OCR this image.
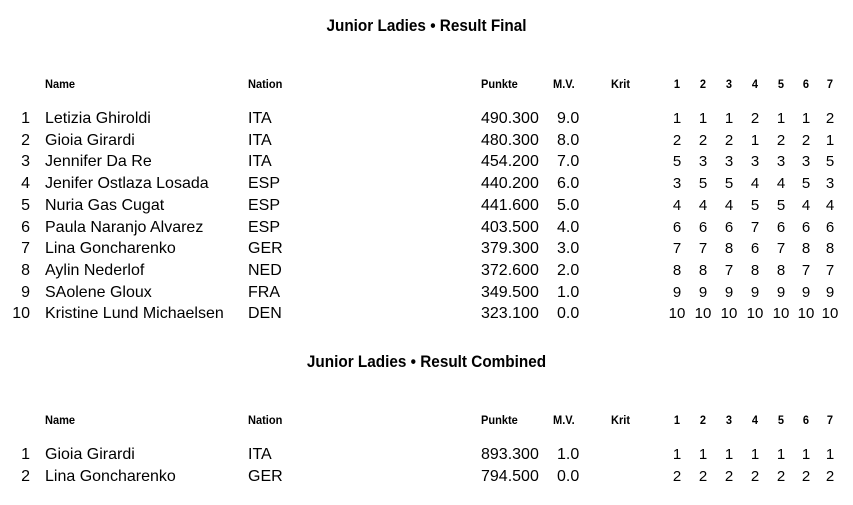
Junior Ladies • Result Final
Name	Nation	Punkte	M.V.	Krit	1 2 3 4 5 6 7
1 Letizia Ghiroldi	ITA	490.300 9.0	1	1	1	2	1	1	2
2 Gioia Girardi	ITA	480.300 8.0	2	2	2	1	2	2	1
3 Jennifer Da Re	ITA	454.200 7.0	5	3	3	3	3	3	5
4 Jenifer Ostlaza Losada ESP	440.200 6.0	3	5	5	4	4	5	3
5 Nuria Gas Cugat	ESP	441.600 5.0	4	4	4	5	5	4	4
6 Paula Naranjo Alvarez	ESP	403.500 4.0	6	6	6	7	6	6	6
7 Lina Goncharenko	GER	379.300 3.0	7	7	8	6	7	8	8
8 Aylin Nederlof	NED	372.600 2.0	8	8	7	8	8	7	7
9 SAolene Gloux	FRA	349.500 1.0	9	9	9	9	9	9	9
10 Kristine Lund Michaelsen DEN	323.100 0.0	10 10 10 10 10 10 10
Junior Ladies • Result Combined
Name	Nation	Punkte	M.V.	Krit	1 2 3 4 5 6 7
1 Gioia Girardi	ITA	893.300 1.0	1	1	1	1	1	1	1
2 Lina Goncharenko	GER	794.500 0.0	2	2	2	2	2	2	2
